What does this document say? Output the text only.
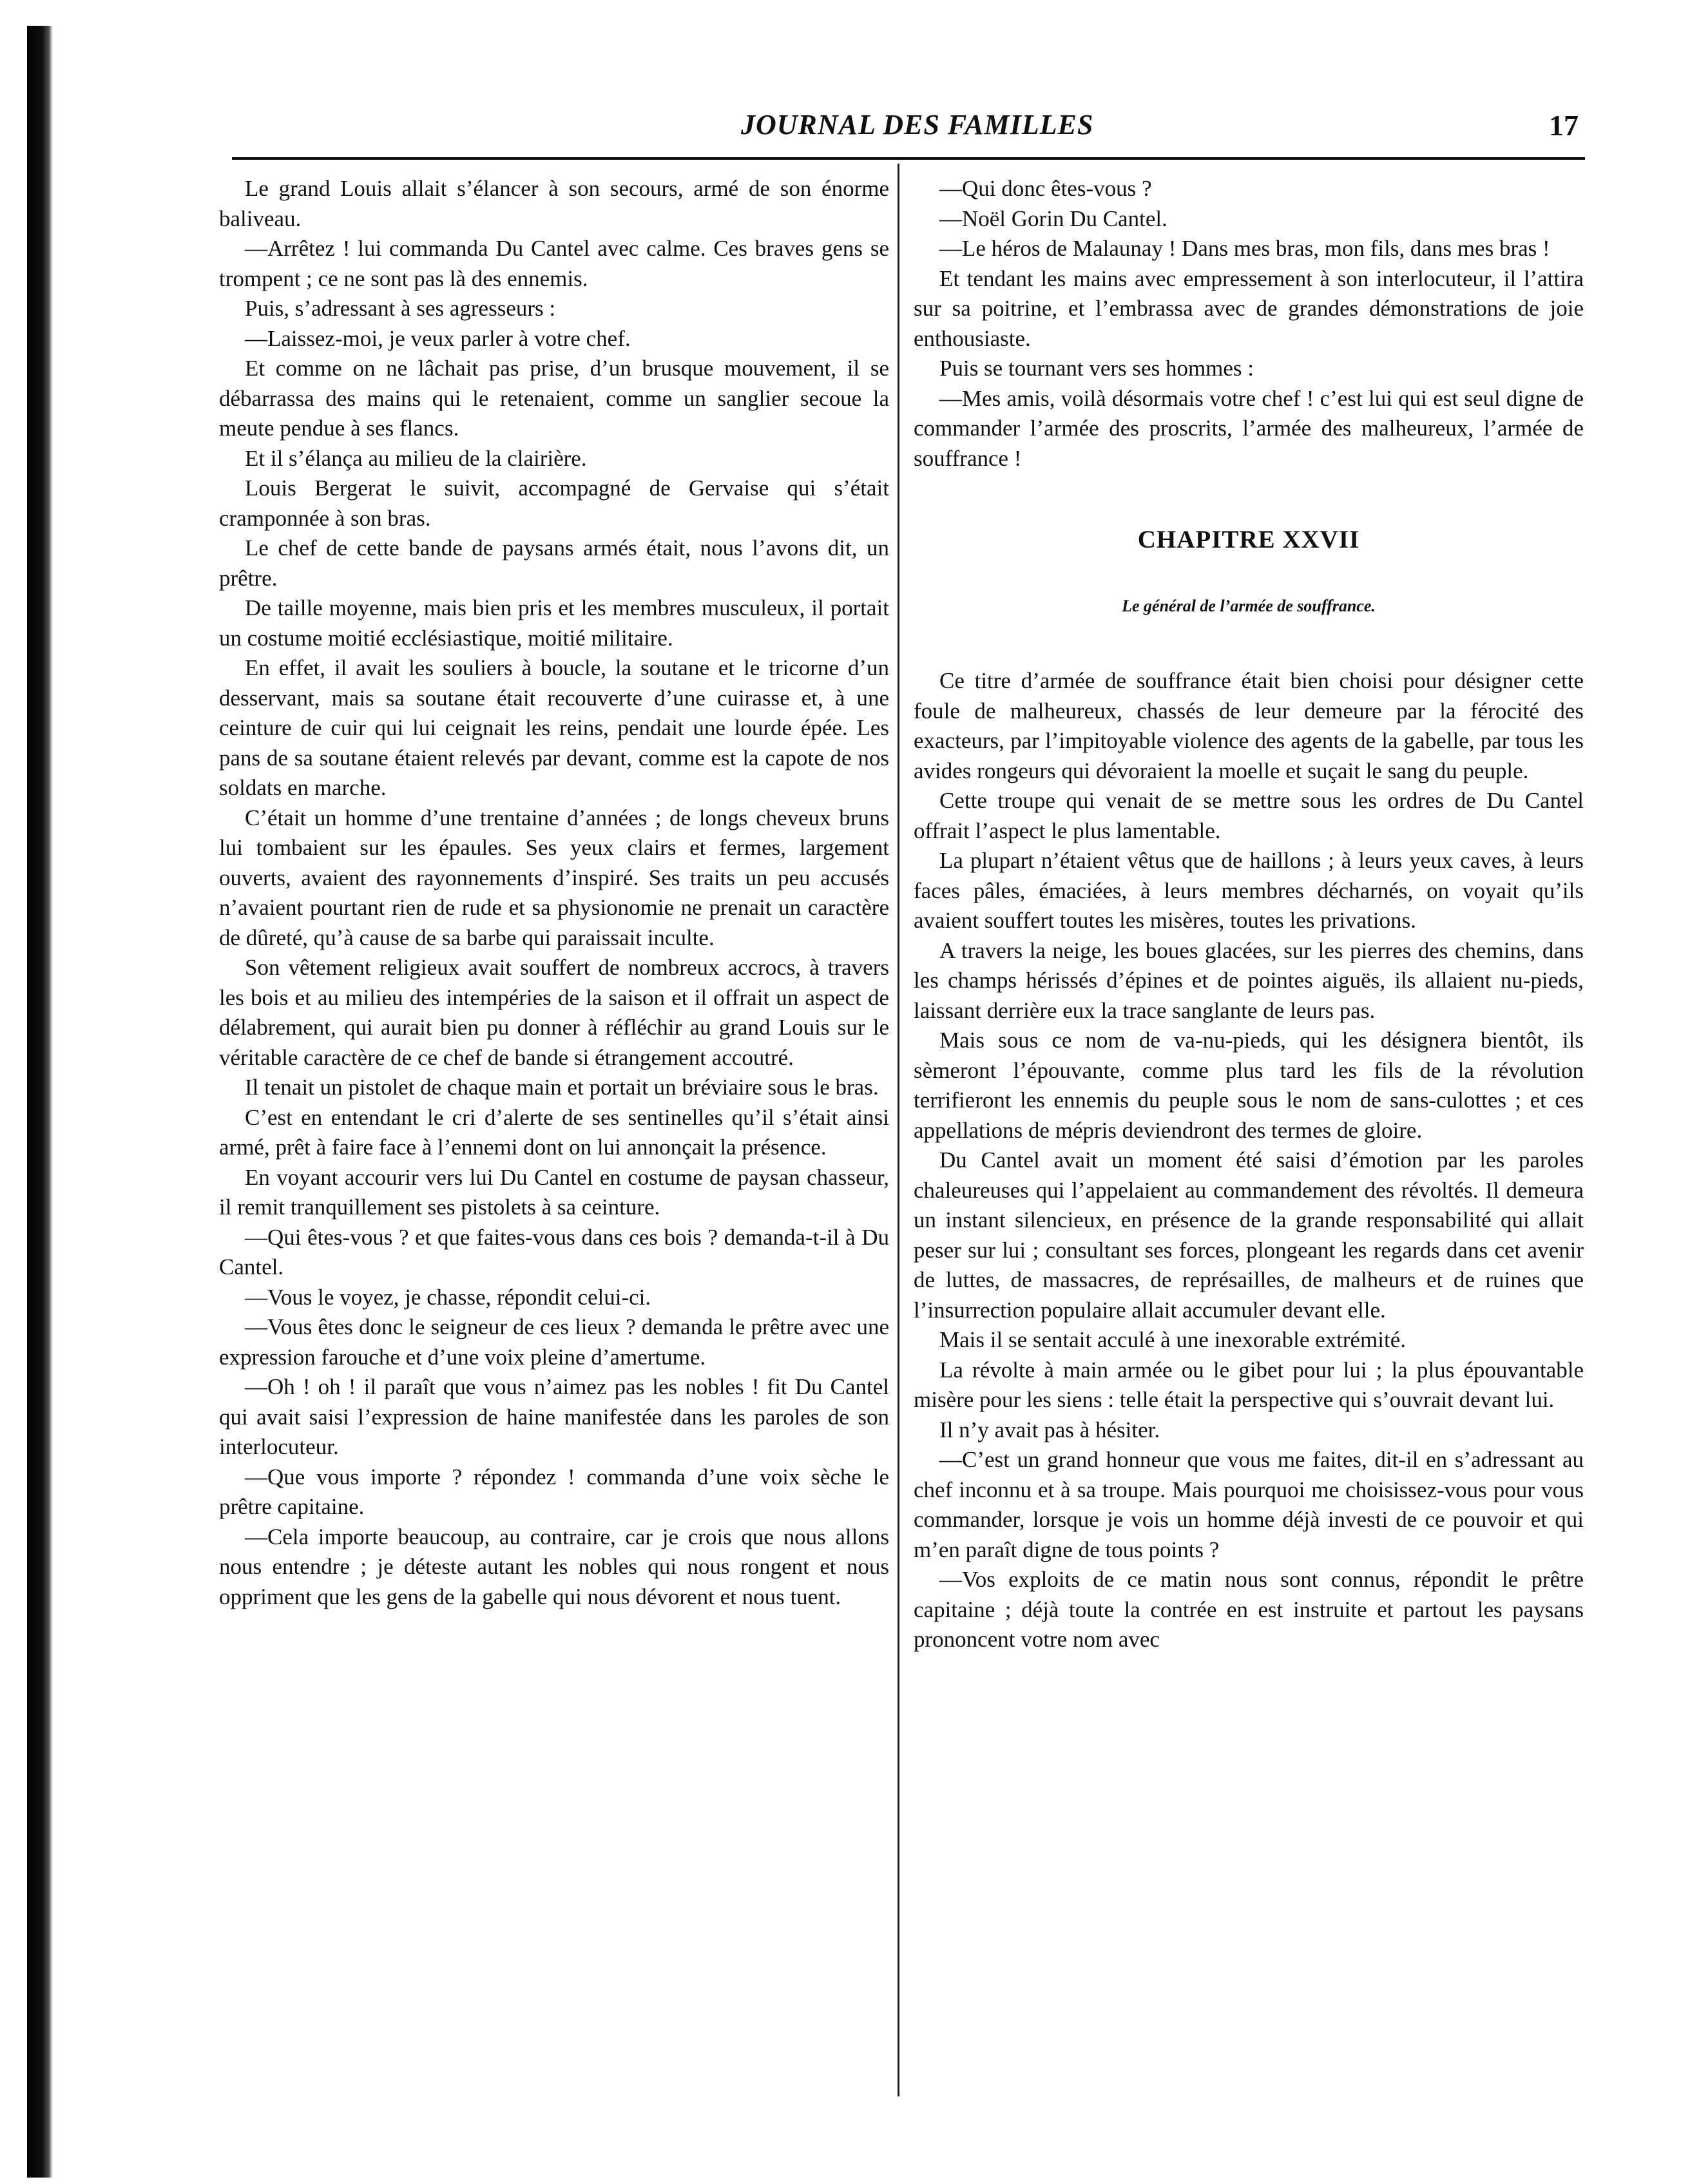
JOURNAL DES FAMILLES	17

Le grand Louis allait s’élancer à son secours, armé de son énorme baliveau.

—Arrêtez ! lui commanda Du Cantel avec calme. Ces braves gens se trompent ; ce ne sont pas là des ennemis.

Puis, s’adressant à ses agresseurs :

—Laissez-moi, je veux parler à votre chef.

Et comme on ne lâchait pas prise, d’un brusque mouvement, il se débarrassa des mains qui le retenaient, comme un sanglier secoue la meute pendue à ses flancs.

Et il s’élança au milieu de la clairière.

Louis Bergerat le suivit, accompagné de Gervaise qui s’était cramponnée à son bras.

Le chef de cette bande de paysans armés était, nous l’avons dit, un prêtre.

De taille moyenne, mais bien pris et les membres musculeux, il portait un costume moitié ecclésiastique, moitié militaire.

En effet, il avait les souliers à boucle, la soutane et le tricorne d’un desservant, mais sa soutane était recouverte d’une cuirasse et, à une ceinture de cuir qui lui ceignait les reins, pendait une lourde épée. Les pans de sa soutane étaient relevés par devant, comme est la capote de nos soldats en marche.

C’était un homme d’une trentaine d’années ; de longs cheveux bruns lui tombaient sur les épaules. Ses yeux clairs et fermes, largement ouverts, avaient des rayonnements d’inspiré. Ses traits un peu accusés n’avaient pourtant rien de rude et sa physionomie ne prenait un caractère de dûreté, qu’à cause de sa barbe qui paraissait inculte.

Son vêtement religieux avait souffert de nombreux accrocs, à travers les bois et au milieu des intempéries de la saison et il offrait un aspect de délabrement, qui aurait bien pu donner à réfléchir au grand Louis sur le véritable caractère de ce chef de bande si étrangement accoutré.

Il tenait un pistolet de chaque main et portait un bréviaire sous le bras.

C’est en entendant le cri d’alerte de ses sentinelles qu’il s’était ainsi armé, prêt à faire face à l’ennemi dont on lui annonçait la présence.

En voyant accourir vers lui Du Cantel en costume de paysan chasseur, il remit tranquillement ses pistolets à sa ceinture.

—Qui êtes-vous ? et que faites-vous dans ces bois ? demanda-t-il à Du Cantel.

—Vous le voyez, je chasse, répondit celui-ci.

—Vous êtes donc le seigneur de ces lieux ? demanda le prêtre avec une expression farouche et d’une voix pleine d’amertume.

—Oh ! oh ! il paraît que vous n’aimez pas les nobles ! fit Du Cantel qui avait saisi l’expression de haine manifestée dans les paroles de son interlocuteur.

—Que vous importe ? répondez ! commanda d’une voix sèche le prêtre capitaine.

—Cela importe beaucoup, au contraire, car je crois que nous allons nous entendre ; je déteste autant les nobles qui nous rongent et nous oppriment que les gens de la gabelle qui nous dévorent et nous tuent.

—Qui donc êtes-vous ?

—Noël Gorin Du Cantel.

—Le héros de Malaunay ! Dans mes bras, mon fils, dans mes bras !

Et tendant les mains avec empressement à son interlocuteur, il l’attira sur sa poitrine, et l’embrassa avec de grandes démonstrations de joie enthousiaste.

Puis se tournant vers ses hommes :

—Mes amis, voilà désormais votre chef ! c’est lui qui est seul digne de commander l’armée des proscrits, l’armée des malheureux, l’armée de souffrance !

CHAPITRE XXVII

Le général de l’armée de souffrance.

Ce titre d’armée de souffrance était bien choisi pour désigner cette foule de malheureux, chassés de leur demeure par la férocité des exacteurs, par l’impitoyable violence des agents de la gabelle, par tous les avides rongeurs qui dévoraient la moelle et suçait le sang du peuple.

Cette troupe qui venait de se mettre sous les ordres de Du Cantel offrait l’aspect le plus lamentable.

La plupart n’étaient vêtus que de haillons ; à leurs yeux caves, à leurs faces pâles, émaciées, à leurs membres décharnés, on voyait qu’ils avaient souffert toutes les misères, toutes les privations.

A travers la neige, les boues glacées, sur les pierres des chemins, dans les champs hérissés d’épines et de pointes aiguës, ils allaient nu-pieds, laissant derrière eux la trace sanglante de leurs pas.

Mais sous ce nom de va-nu-pieds, qui les désignera bientôt, ils sèmeront l’épouvante, comme plus tard les fils de la révolution terrifieront les ennemis du peuple sous le nom de sans-culottes ; et ces appellations de mépris deviendront des termes de gloire.

Du Cantel avait un moment été saisi d’émotion par les paroles chaleureuses qui l’appelaient au commandement des révoltés. Il demeura un instant silencieux, en présence de la grande responsabilité qui allait peser sur lui ; consultant ses forces, plongeant les regards dans cet avenir de luttes, de massacres, de représailles, de malheurs et de ruines que l’insurrection populaire allait accumuler devant elle.

Mais il se sentait acculé à une inexorable extrémité.

La révolte à main armée ou le gibet pour lui ; la plus épouvantable misère pour les siens : telle était la perspective qui s’ouvrait devant lui.

Il n’y avait pas à hésiter.

—C’est un grand honneur que vous me faites, dit-il en s’adressant au chef inconnu et à sa troupe. Mais pourquoi me choisissez-vous pour vous commander, lorsque je vois un homme déjà investi de ce pouvoir et qui m’en paraît digne de tous points ?

—Vos exploits de ce matin nous sont connus, répondit le prêtre capitaine ; déjà toute la contrée en est instruite et partout les paysans prononcent votre nom avec
